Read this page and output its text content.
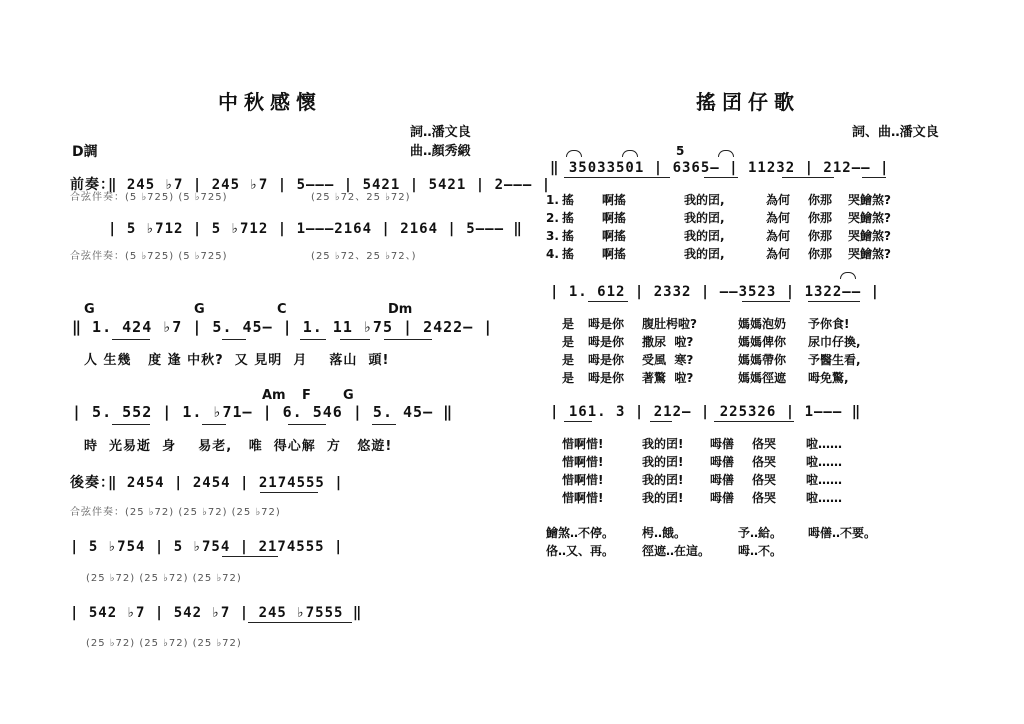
中秋感懷
詞‥潘文良
D調	曲‥顏秀緞
前奏：
‖ 245 ♭7 | 245 ♭7 | 5——— | 5421 | 5421 | 2——— |
合弦伴奏：(5 ♭725) (5 ♭725)                    (25 ♭72、25 ♭72)
| 5 ♭712 | 5 ♭712 | 1———2164 | 2164 | 5——— ‖
合弦伴奏：(5 ♭725) (5 ♭725)                    (25 ♭72、25 ♭72、)
G	G	C	Dm
‖ 1. 424 ♭7 | 5. 45— | 1. 11 ♭75 | 2422— |
人 生幾   度 逢 中秋?  又 見明  月    落山  頭!
Am F G
| 5. 552 | 1. ♭71— | 6. 546 | 5. 45— ‖
時  光易逝  身    易老,   唯  得心解  方   悠遊!
後奏：
‖ 2454 | 2454 | 2174555 |
合弦伴奏：(25 ♭72) (25 ♭72) (25 ♭72)
| 5 ♭754 | 5 ♭754 | 2174555 |
(25 ♭72) (25 ♭72) (25 ♭72)
| 542 ♭7 | 542 ♭7 | 245 ♭7555 ‖
(25 ♭72) (25 ♭72) (25 ♭72)
搖囝仔歌
詞、曲‥潘文良
5
‖ 35033501 | 6365— | 11232 | 212—— |
1. 搖 啊搖	我的囝,	為何 你那 哭鱠煞?
2. 搖 啊搖	我的囝,	為何 你那 哭鱠煞?
3. 搖 啊搖	我的囝,	為何 你那 哭鱠煞?
4. 搖 啊搖	我的囝,	為何 你那 哭鱠煞?
| 1. 612 | 2332 | ——3523 | 1322—— |
是 呣是你 腹肚枵啦?	媽媽泡奶 予你食!
是 呣是你 撒尿  啦?	媽媽俾你 尿巾仔換,
是 呣是你 受風  寒?	媽媽帶你 予醫生看,
是 呣是你 著驚  啦?	媽媽徑遮 呣免驚,
| 161. 3 | 212— | 225326 | 1——— ‖
惜啊惜!	我的囝! 呣僐 佫哭 啦……
惜啊惜!	我的囝! 呣僐 佫哭 啦……
惜啊惜!	我的囝! 呣僐 佫哭 啦……
惜啊惜!	我的囝! 呣僐 佫哭 啦……
鱠煞‥不停。 枵‥餓。	予‥給。 呣僐‥不要。
佫‥又、再。 徑遮‥在這。 呣‥不。
